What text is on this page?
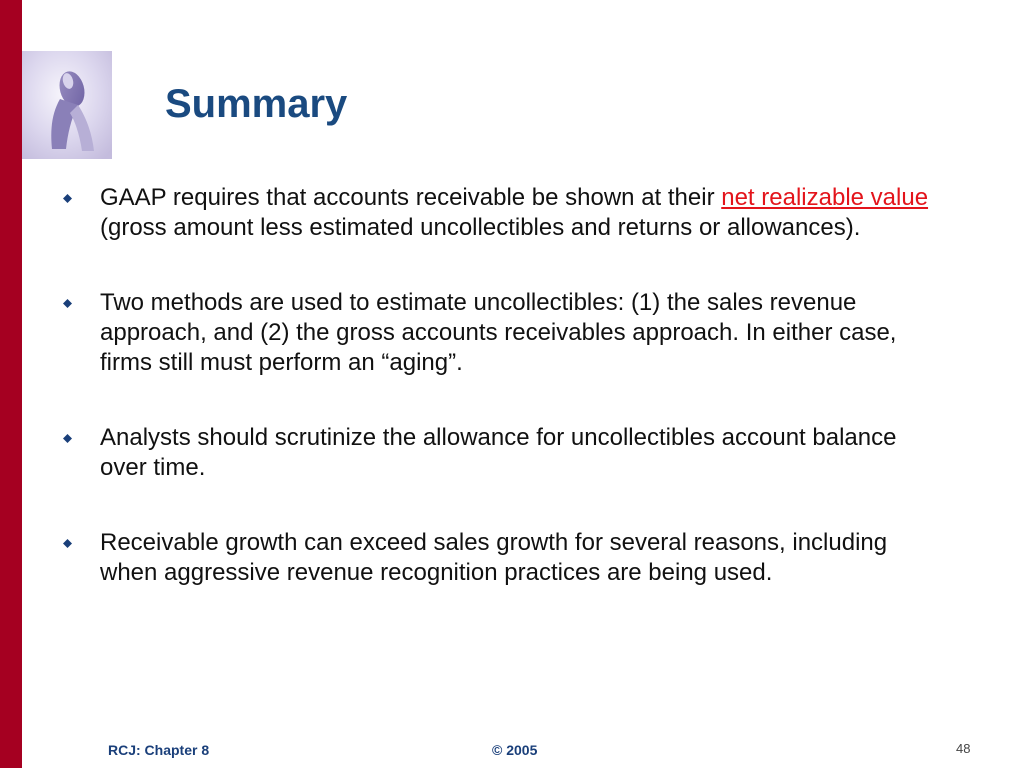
Summary
GAAP requires that accounts receivable be shown at their net realizable value (gross amount less estimated uncollectibles and returns or allowances).
Two methods are used to estimate uncollectibles: (1) the sales revenue approach, and (2) the gross accounts receivables approach. In either case, firms still must perform an “aging”.
Analysts should scrutinize the allowance for uncollectibles account balance over time.
Receivable growth can exceed sales growth for several reasons, including when aggressive revenue recognition practices are being used.
RCJ: Chapter 8	© 2005	48
